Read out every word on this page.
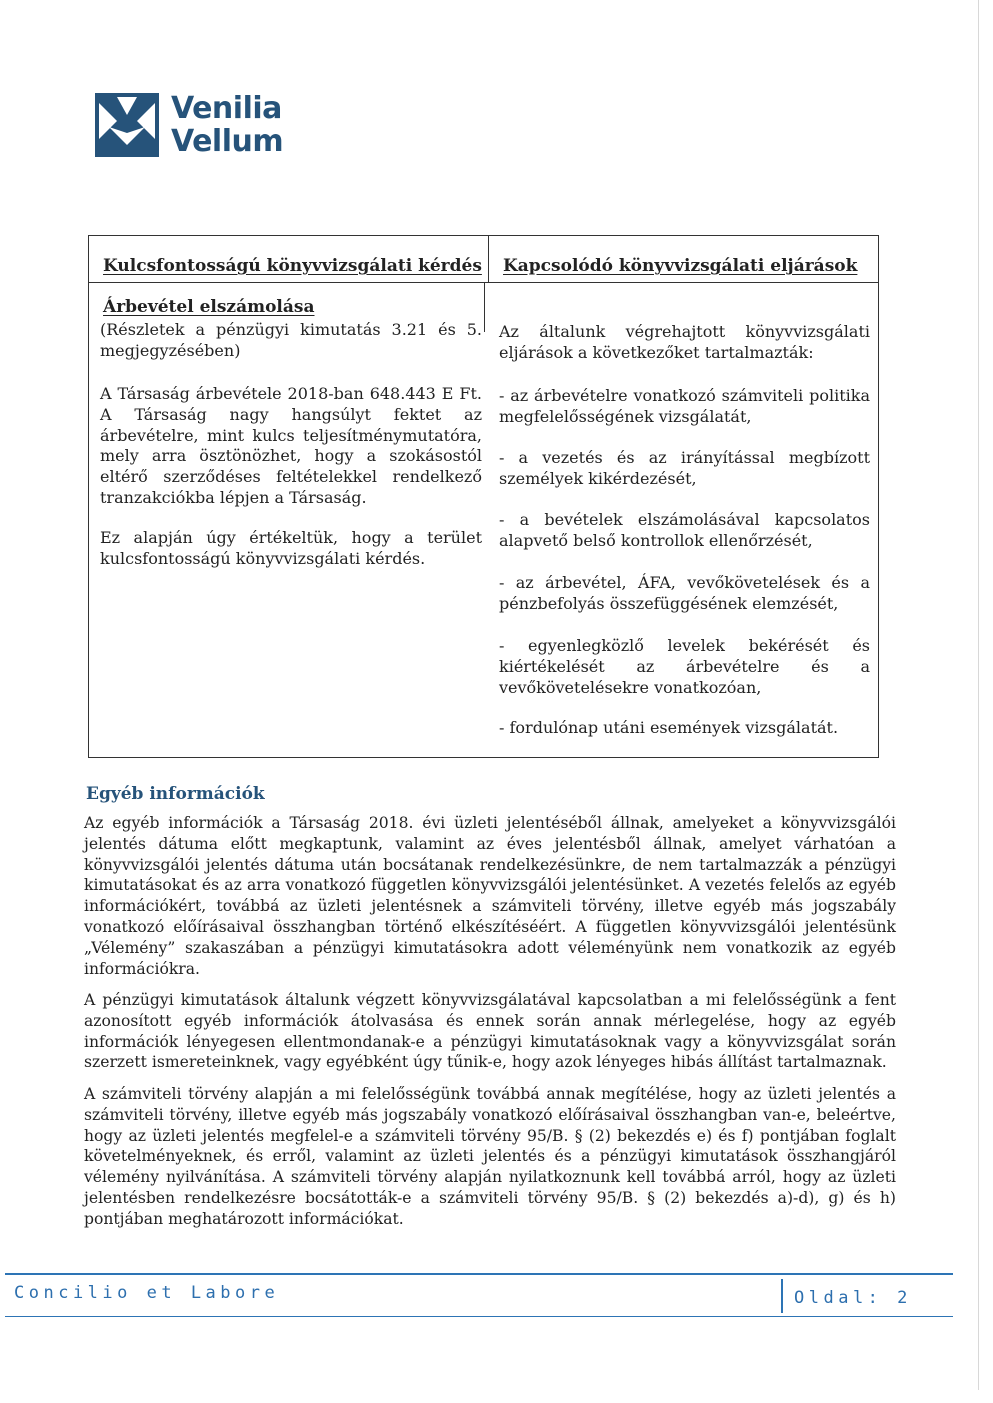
Venilia
Vellum
Kulcsfontosságú könyvvizsgálati kérdés Kapcsolódó könyvvizsgálati eljárások
Árbevétel elszámolása
(Részletek a pénzügyi kimutatás 3.21 és 5. megjegyzésében)
A Társaság árbevétele 2018-ban 648.443 E Ft. A Társaság nagy hangsúlyt fektet az árbevételre, mint kulcs teljesítménymutatóra, mely arra ösztönözhet, hogy a szokásostól eltérő szerződéses feltételekkel rendelkező tranzakciókba lépjen a Társaság.
Ez alapján úgy értékeltük, hogy a terület kulcsfontosságú könyvvizsgálati kérdés.
Az általunk végrehajtott könyvvizsgálati eljárások a következőket tartalmazták:
- az árbevételre vonatkozó számviteli politika megfelelősségének vizsgálatát,
- a vezetés és az irányítással megbízott személyek kikérdezését,
- a bevételek elszámolásával kapcsolatos alapvető belső kontrollok ellenőrzését,
- az árbevétel, ÁFA, vevőkövetelések és a pénzbefolyás összefüggésének elemzését,
- egyenlegközlő levelek bekérését és kiértékelését az árbevételre és a vevőkövetelésekre vonatkozóan,
- fordulónap utáni események vizsgálatát.
Egyéb információk
Az egyéb információk a Társaság 2018. évi üzleti jelentéséből állnak, amelyeket a könyvvizsgálói jelentés dátuma előtt megkaptunk, valamint az éves jelentésből állnak, amelyet várhatóan a könyvvizsgálói jelentés dátuma után bocsátanak rendelkezésünkre, de nem tartalmazzák a pénzügyi kimutatásokat és az arra vonatkozó független könyvvizsgálói jelentésünket. A vezetés felelős az egyéb információkért, továbbá az üzleti jelentésnek a számviteli törvény, illetve egyéb más jogszabály vonatkozó előírásaival összhangban történő elkészítéséért. A független könyvvizsgálói jelentésünk „Vélemény” szakaszában a pénzügyi kimutatásokra adott véleményünk nem vonatkozik az egyéb információkra.
A pénzügyi kimutatások általunk végzett könyvvizsgálatával kapcsolatban a mi felelősségünk a fent azonosított egyéb információk átolvasása és ennek során annak mérlegelése, hogy az egyéb információk lényegesen ellentmondanak-e a pénzügyi kimutatásoknak vagy a könyvvizsgálat során szerzett ismereteinknek, vagy egyébként úgy tűnik-e, hogy azok lényeges hibás állítást tartalmaznak.
A számviteli törvény alapján a mi felelősségünk továbbá annak megítélése, hogy az üzleti jelentés a számviteli törvény, illetve egyéb más jogszabály vonatkozó előírásaival összhangban van-e, beleértve, hogy az üzleti jelentés megfelel-e a számviteli törvény 95/B. § (2) bekezdés e) és f) pontjában foglalt követelményeknek, és erről, valamint az üzleti jelentés és a pénzügyi kimutatások összhangjáról vélemény nyilvánítása. A számviteli törvény alapján nyilatkoznunk kell továbbá arról, hogy az üzleti jelentésben rendelkezésre bocsátották-e a számviteli törvény 95/B. § (2) bekezdés a)-d), g) és h) pontjában meghatározott információkat.
Concilio et Labore	Oldal: 2
